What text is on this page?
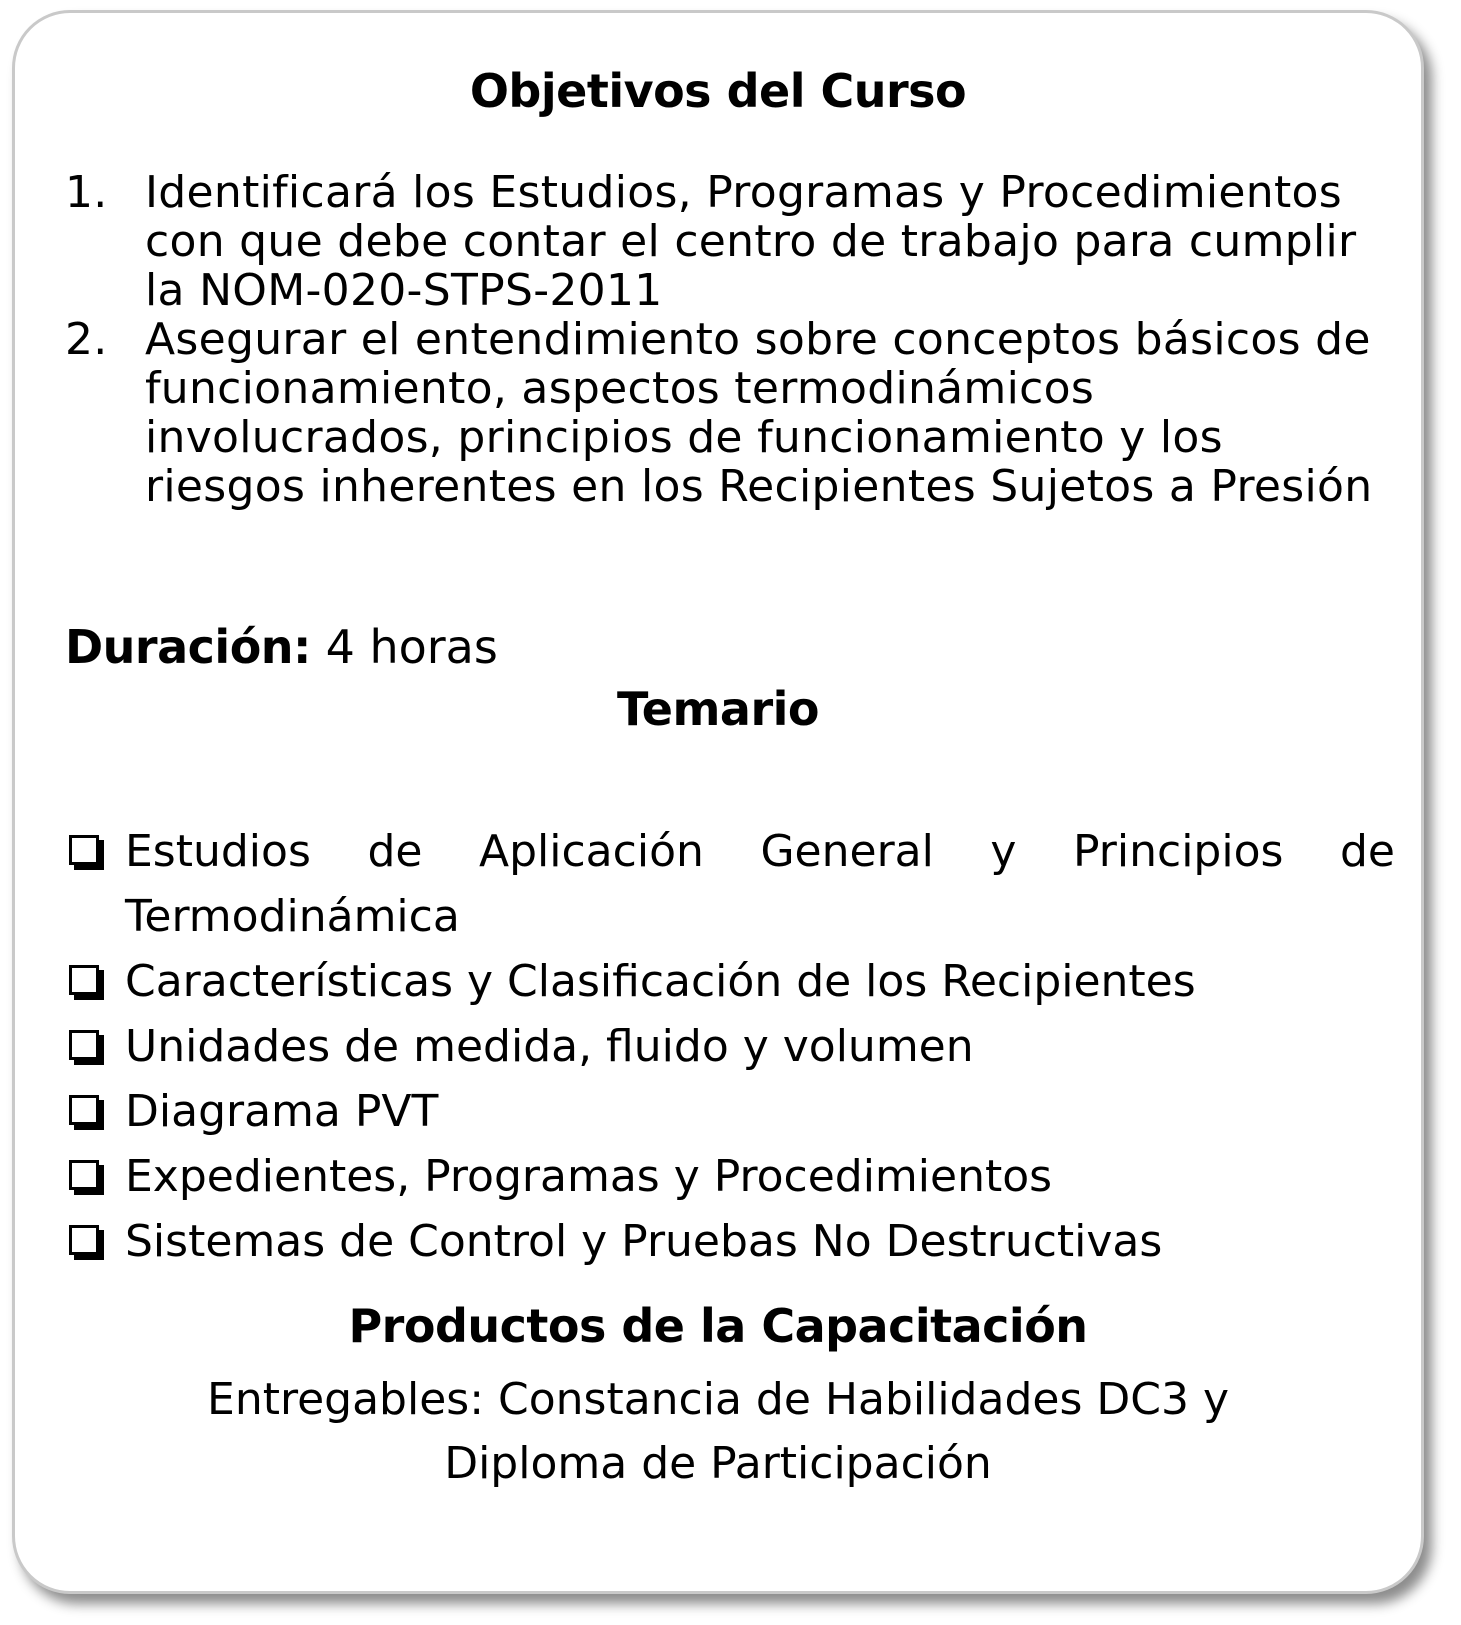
Objetivos del Curso
1. Identificará los Estudios, Programas y Procedimientos con que debe contar el centro de trabajo para cumplir la NOM-020-STPS-2011
2. Asegurar el entendimiento sobre conceptos básicos de funcionamiento, aspectos termodinámicos involucrados, principios de funcionamiento y los riesgos inherentes en los Recipientes Sujetos a Presión
Duración: 4 horas
Temario
Estudios de Aplicación General y Principios de Termodinámica
Características y Clasificación de los Recipientes
Unidades de medida, fluido y volumen
Diagrama PVT
Expedientes, Programas y Procedimientos
Sistemas de Control y Pruebas No Destructivas
Productos de la Capacitación
Entregables: Constancia de Habilidades DC3 y
Diploma de Participación
